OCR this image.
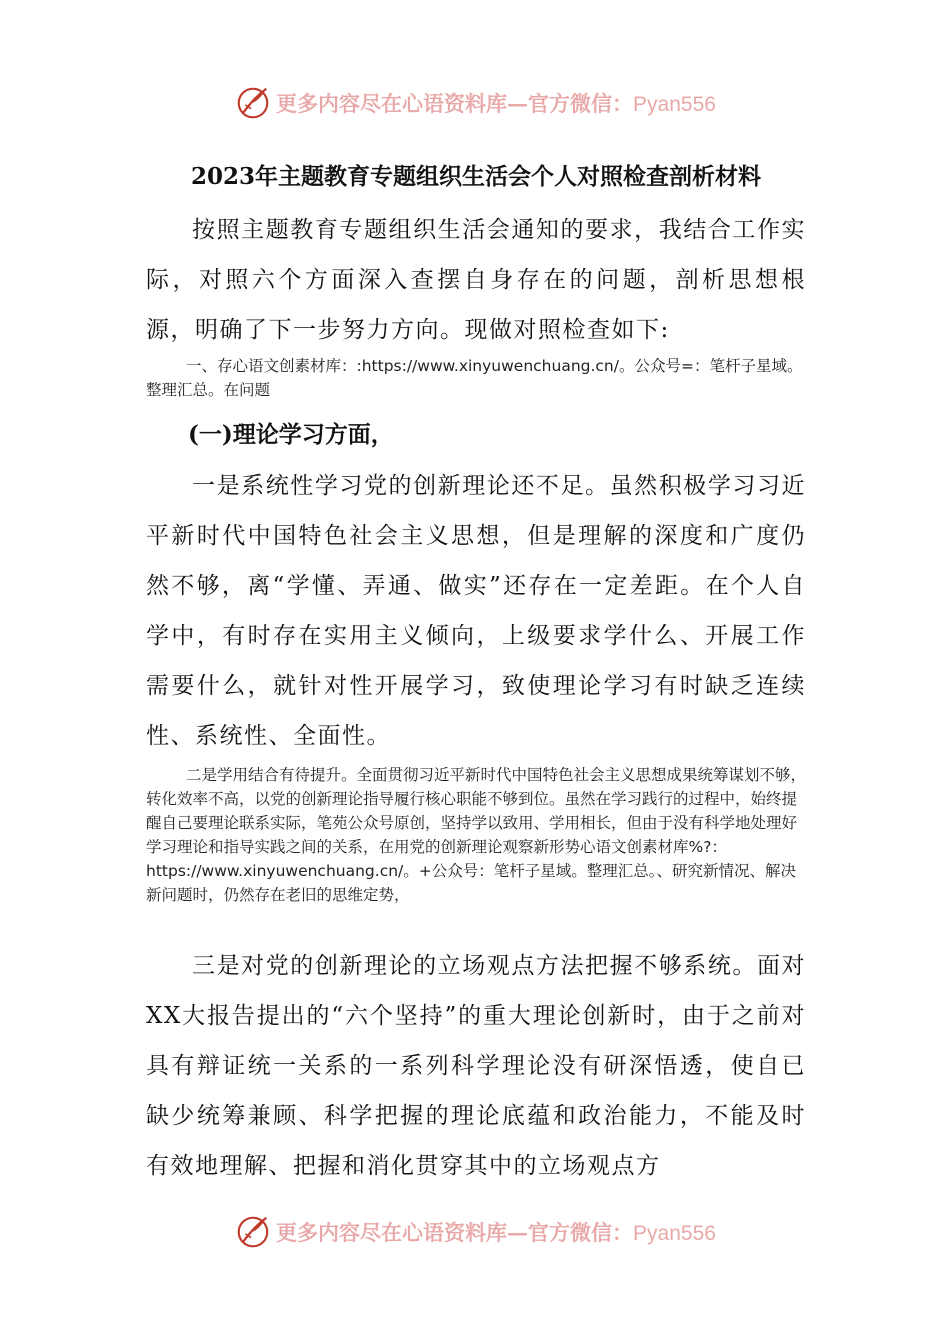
更多内容尽在心语资料库—官方微信：Pyan556
2023年主题教育专题组织生活会个人对照检查剖析材料

按照主题教育专题组织生活会通知的要求，我结合工作实际，对照六个方面深入查摆自身存在的问题，剖析思想根源，明确了下一步努力方向。现做对照检查如下:

一、存心语文创素材库：:https://www.xinyuwenchuang.cn/。公众号=：笔杆子星域。整理汇总。在问题

(一)理论学习方面，

一是系统性学习党的创新理论还不足。虽然积极学习习近平新时代中国特色社会主义思想，但是理解的深度和广度仍然不够，离“学懂、弄通、做实”还存在一定差距。在个人自学中，有时存在实用主义倾向，上级要求学什么、开展工作需要什么，就针对性开展学习，致使理论学习有时缺乏连续性、系统性、全面性。

二是学用结合有待提升。全面贯彻习近平新时代中国特色社会主义思想成果统筹谋划不够，转化效率不高，以党的创新理论指导履行核心职能不够到位。虽然在学习践行的过程中，始终提醒自己要理论联系实际，笔苑公众号原创，坚持学以致用、学用相长，但由于没有科学地处理好学习理论和指导实践之间的关系，在用党的创新理论观察新形势心语文创素材库%?：https://www.xinyuwenchuang.cn/。+公众号：笔杆子星域。整理汇总。、研究新情况、解决新问题时，仍然存在老旧的思维定势，

三是对党的创新理论的立场观点方法把握不够系统。面对XX大报告提出的“六个坚持”的重大理论创新时，由于之前对具有辩证统一关系的一系列科学理论没有研深悟透，使自已缺少统筹兼顾、科学把握的理论底蕴和政治能力，不能及时有效地理解、把握和消化贯穿其中的立场观点方

更多内容尽在心语资料库—官方微信：Pyan556
